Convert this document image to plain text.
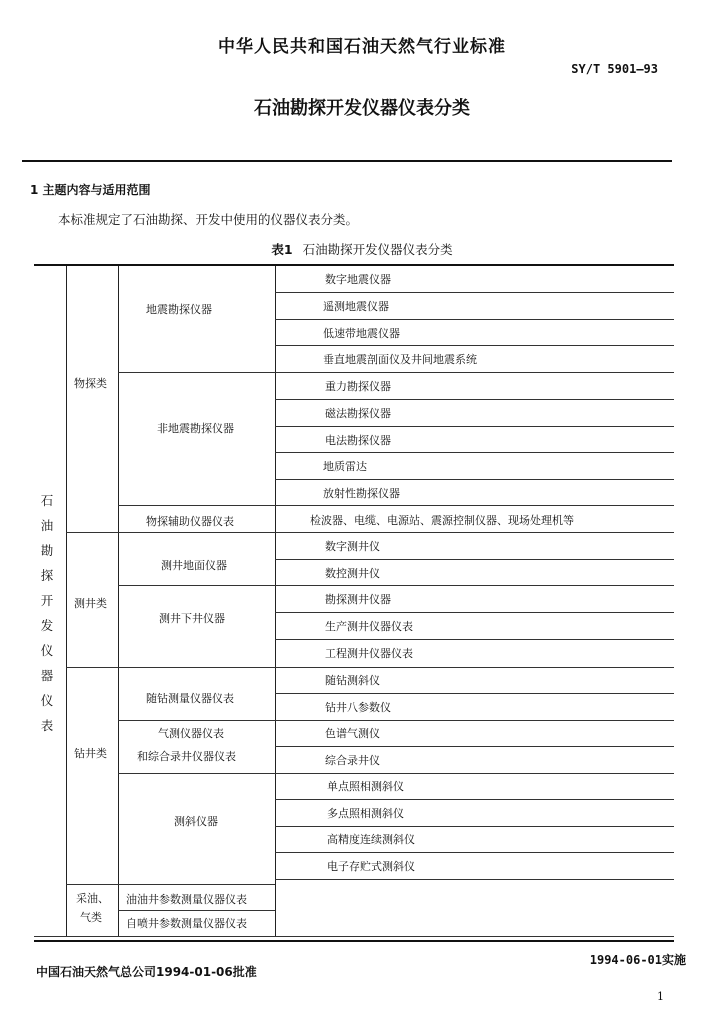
中华人民共和国石油天然气行业标准
SY/T 5901—93
石油勘探开发仪器仪表分类
1 主题内容与适用范围
本标准规定了石油勘探、开发中使用的仪器仪表分类。
表1 石油勘探开发仪器仪表分类
石
油
勘
探
开
发
仪
器
仪
表
物探类
测井类
钻井类
采油、
气类
地震勘探仪器
非地震勘探仪器
物探辅助仪器仪表
测井地面仪器
测井下井仪器
随钻测量仪器仪表
气测仪器仪表
和综合录井仪器仪表
测斜仪器
油油井参数测量仪器仪表
自喷井参数测量仪器仪表
数字地震仪器
遥测地震仪器
低速带地震仪器
垂直地震剖面仪及井间地震系统
重力勘探仪器
磁法勘探仪器
电法勘探仪器
地质雷达
放射性勘探仪器
检波器、电缆、电源站、震源控制仪器、现场处理机等
数字测井仪
数控测井仪
勘探测井仪器
生产测井仪器仪表
工程测井仪器仪表
随钻测斜仪
钻井八参数仪
色谱气测仪
综合录井仪
单点照相测斜仪
多点照相测斜仪
高精度连续测斜仪
电子存贮式测斜仪
中国石油天然气总公司1994-01-06批准
1994-06-01实施
1
